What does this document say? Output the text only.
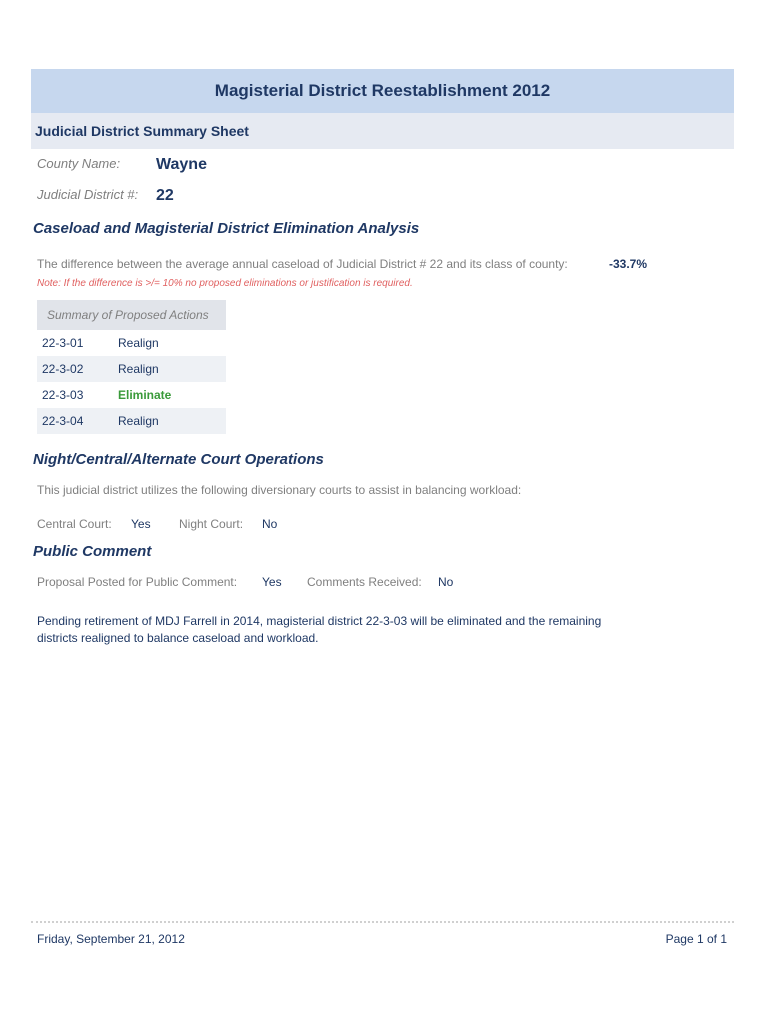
Magisterial District Reestablishment 2012
Judicial District Summary Sheet
County Name: Wayne
Judicial District #: 22
Caseload and Magisterial District Elimination Analysis
The difference between the average annual caseload of Judicial District # 22 and its class of county:	-33.7%
Note: If the difference is >/= 10% no proposed eliminations or justification is required.
Summary of Proposed Actions
22-3-01	Realign
22-3-02	Realign
22-3-03	Eliminate
22-3-04	Realign
Night/Central/Alternate Court Operations
This judicial district utilizes the following diversionary courts to assist in balancing workload:
Central Court: Yes Night Court: No
Public Comment
Proposal Posted for Public Comment: Yes Comments Received: No
Pending retirement of MDJ Farrell in 2014, magisterial district 22-3-03 will be eliminated and the remaining
districts realigned to balance caseload and workload.
Friday, September 21, 2012	Page 1 of 1
